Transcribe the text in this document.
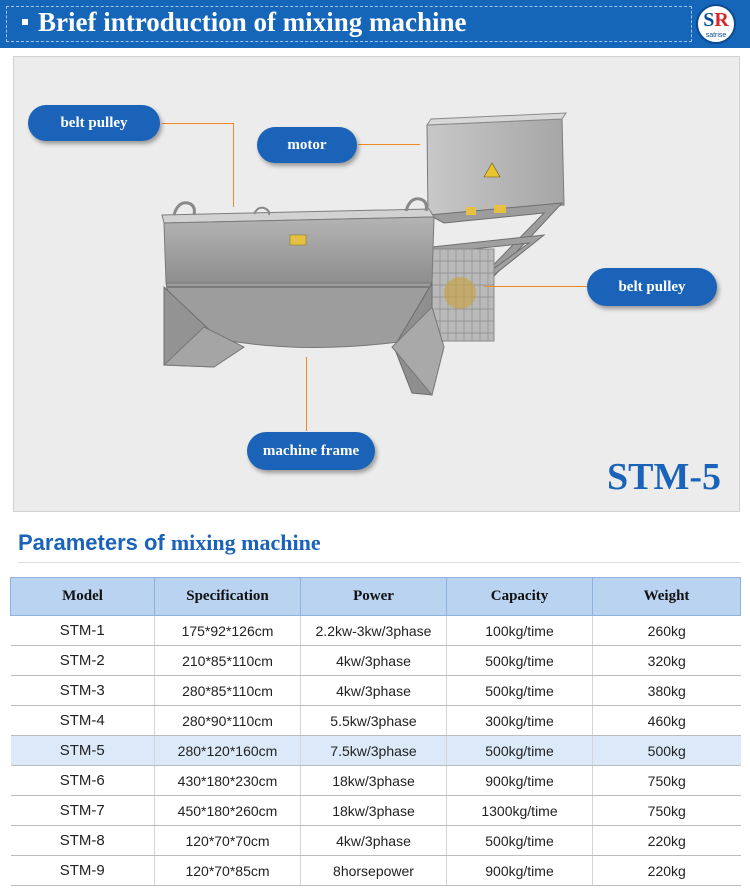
Brief introduction of mixing machine	SR
satrise
belt pulley
motor
belt pulley
machine frame
STM-5
Parameters of mixing machine
Model	Specification	Power	Capacity	Weight
STM-1	175*92*126cm	2.2kw-3kw/3phase	100kg/time	260kg
STM-2	210*85*110cm	4kw/3phase	500kg/time	320kg
STM-3	280*85*110cm	4kw/3phase	500kg/time	380kg
STM-4	280*90*110cm	5.5kw/3phase	300kg/time	460kg
STM-5	280*120*160cm	7.5kw/3phase	500kg/time	500kg
STM-6	430*180*230cm	18kw/3phase	900kg/time	750kg
STM-7	450*180*260cm	18kw/3phase	1300kg/time	750kg
STM-8	120*70*70cm	4kw/3phase	500kg/time	220kg
STM-9	120*70*85cm	8horsepower	900kg/time	220kg
